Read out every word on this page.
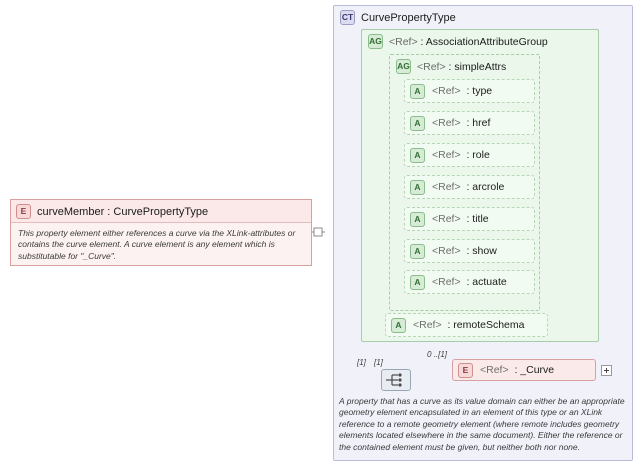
E curveMember : CurvePropertyType
This property element either references a curve via the XLink-attributes or contains the curve element. A curve element is any element which is substitutable for "_Curve".
CT CurvePropertyType
AG <Ref> : AssociationAttributeGroup
AG <Ref> : simpleAttrs
A	<Ref> : type
A	<Ref> : href
A	<Ref> : role
A	<Ref> : arcrole
A	<Ref> : title
A	<Ref> : show
A	<Ref> : actuate
A	<Ref> : remoteSchema
[1] [1]
E	<Ref> : _Curve
0 ..[1]
A property that has a curve as its value domain can either be an appropriate geometry element encapsulated in an element of this type or an XLink reference to a remote geometry element (where remote includes geometry elements located elsewhere in the same document). Either the reference or the contained element must be given, but neither both nor none.
